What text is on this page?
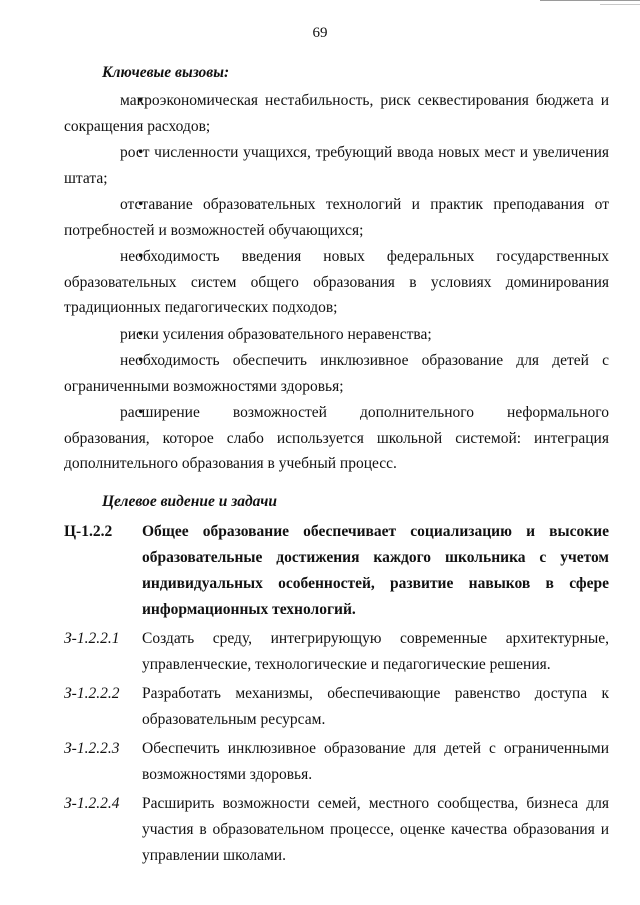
69
Ключевые вызовы:
макроэкономическая нестабильность, риск секвестирования бюджета и сокращения расходов;
рост численности учащихся, требующий ввода новых мест и увеличения штата;
отставание образовательных технологий и практик преподавания от потребностей и возможностей обучающихся;
необходимость введения новых федеральных государственных образовательных систем общего образования в условиях доминирования традиционных педагогических подходов;
риски усиления образовательного неравенства;
необходимость обеспечить инклюзивное образование для детей с ограниченными возможностями здоровья;
расширение возможностей дополнительного неформального образования, которое слабо используется школьной системой: интеграция дополнительного образования в учебный процесс.
Целевое видение и задачи
Ц-1.2.2	Общее образование обеспечивает социализацию и высокие образовательные достижения каждого школьника с учетом индивидуальных особенностей, развитие навыков в сфере информационных технологий.
З-1.2.2.1	Создать среду, интегрирующую современные архитектурные, управленческие, технологические и педагогические решения.
З-1.2.2.2	Разработать механизмы, обеспечивающие равенство доступа к образовательным ресурсам.
З-1.2.2.3	Обеспечить инклюзивное образование для детей с ограниченными возможностями здоровья.
З-1.2.2.4	Расширить возможности семей, местного сообщества, бизнеса для участия в образовательном процессе, оценке качества образования и управлении школами.
